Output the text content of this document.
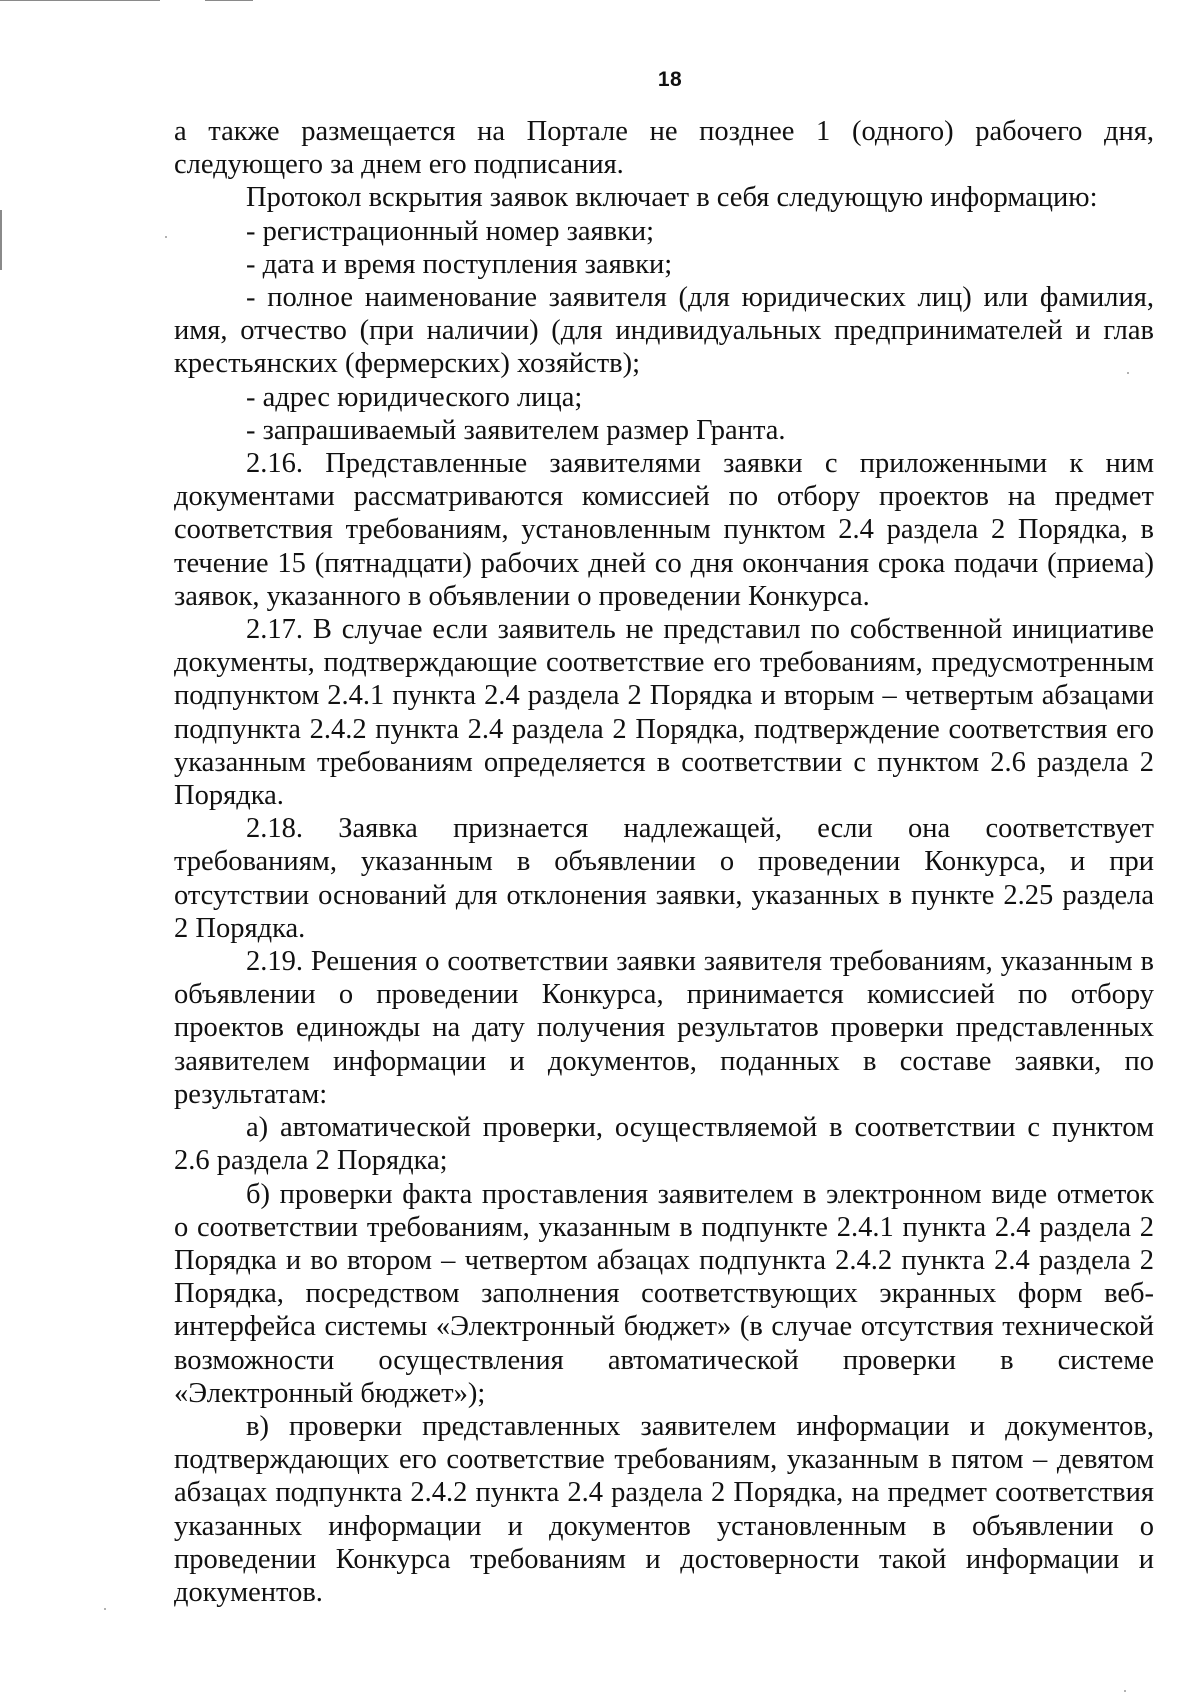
18

а также размещается на Портале не позднее 1 (одного) рабочего дня, следующего за днем его подписания.

Протокол вскрытия заявок включает в себя следующую информацию:

- регистрационный номер заявки;

- дата и время поступления заявки;

- полное наименование заявителя (для юридических лиц) или фамилия, имя, отчество (при наличии) (для индивидуальных предпринимателей и глав крестьянских (фермерских) хозяйств);

- адрес юридического лица;

- запрашиваемый заявителем размер Гранта.

2.16. Представленные заявителями заявки с приложенными к ним документами рассматриваются комиссией по отбору проектов на предмет соответствия требованиям, установленным пунктом 2.4 раздела 2 Порядка, в течение 15 (пятнадцати) рабочих дней со дня окончания срока подачи (приема) заявок, указанного в объявлении о проведении Конкурса.

2.17. В случае если заявитель не представил по собственной инициативе документы, подтверждающие соответствие его требованиям, предусмотренным подпунктом 2.4.1 пункта 2.4 раздела 2 Порядка и вторым – четвертым абзацами подпункта 2.4.2 пункта 2.4 раздела 2 Порядка, подтверждение соответствия его указанным требованиям определяется в соответствии с пунктом 2.6 раздела 2 Порядка.

2.18. Заявка признается надлежащей, если она соответствует требованиям, указанным в объявлении о проведении Конкурса, и при отсутствии оснований для отклонения заявки, указанных в пункте 2.25 раздела 2 Порядка.

2.19. Решения о соответствии заявки заявителя требованиям, указанным в объявлении о проведении Конкурса, принимается комиссией по отбору проектов единожды на дату получения результатов проверки представленных заявителем информации и документов, поданных в составе заявки, по результатам:

а) автоматической проверки, осуществляемой в соответствии с пунктом 2.6 раздела 2 Порядка;

б) проверки факта проставления заявителем в электронном виде отметок о соответствии требованиям, указанным в подпункте 2.4.1 пункта 2.4 раздела 2 Порядка и во втором – четвертом абзацах подпункта 2.4.2 пункта 2.4 раздела 2 Порядка, посредством заполнения соответствующих экранных форм веб-интерфейса системы «Электронный бюджет» (в случае отсутствия технической возможности осуществления автоматической проверки в системе «Электронный бюджет»);

в) проверки представленных заявителем информации и документов, подтверждающих его соответствие требованиям, указанным в пятом – девятом абзацах подпункта 2.4.2 пункта 2.4 раздела 2 Порядка, на предмет соответствия указанных информации и документов установленным в объявлении о проведении Конкурса требованиям и достоверности такой информации и документов.
